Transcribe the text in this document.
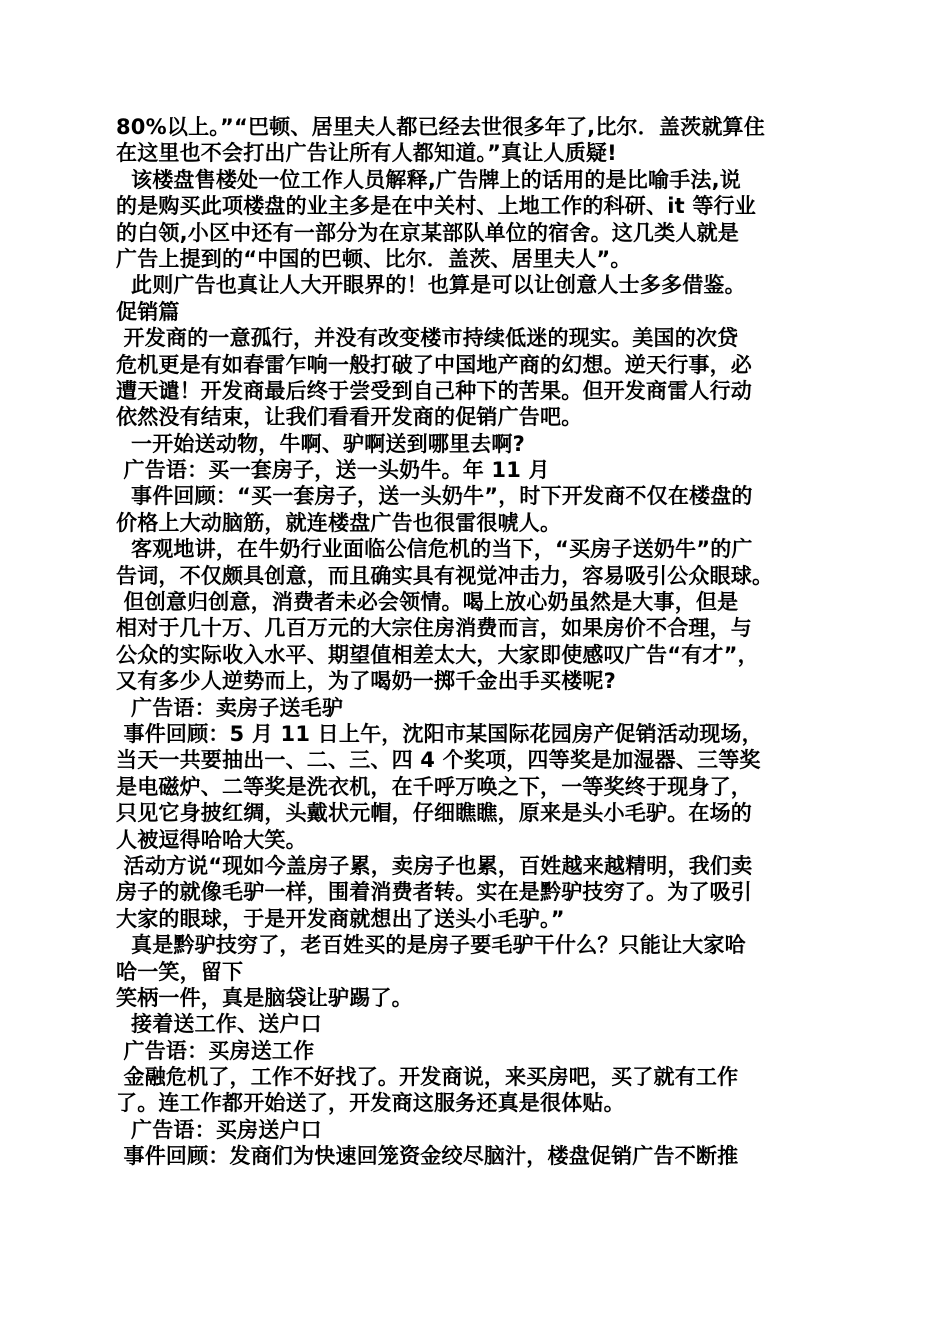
80%以上。”“巴顿、居里夫人都已经去世很多年了,比尔．盖茨就算住
在这里也不会打出广告让所有人都知道。”真让人质疑!
该楼盘售楼处一位工作人员解释,广告牌上的话用的是比喻手法,说
的是购买此项楼盘的业主多是在中关村、上地工作的科研、it 等行业
的白领,小区中还有一部分为在京某部队单位的宿舍。这几类人就是
广告上提到的“中国的巴顿、比尔．盖茨、居里夫人”。
此则广告也真让人大开眼界的！也算是可以让创意人士多多借鉴。
促销篇
开发商的一意孤行，并没有改变楼市持续低迷的现实。美国的次贷
危机更是有如春雷乍响一般打破了中国地产商的幻想。逆天行事，必
遭天谴！开发商最后终于尝受到自己种下的苦果。但开发商雷人行动
依然没有结束，让我们看看开发商的促销广告吧。
一开始送动物，牛啊、驴啊送到哪里去啊?
广告语：买一套房子，送一头奶牛。年 11 月
事件回顾：“买一套房子，送一头奶牛”，时下开发商不仅在楼盘的
价格上大动脑筋，就连楼盘广告也很雷很唬人。
客观地讲，在牛奶行业面临公信危机的当下，“买房子送奶牛”的广
告词，不仅颇具创意，而且确实具有视觉冲击力，容易吸引公众眼球。
但创意归创意，消费者未必会领情。喝上放心奶虽然是大事，但是
相对于几十万、几百万元的大宗住房消费而言，如果房价不合理，与
公众的实际收入水平、期望值相差太大，大家即使感叹广告“有才”，
又有多少人逆势而上，为了喝奶一掷千金出手买楼呢?
广告语：卖房子送毛驴
事件回顾：5 月 11 日上午，沈阳市某国际花园房产促销活动现场，
当天一共要抽出一、二、三、四 4 个奖项，四等奖是加湿器、三等奖
是电磁炉、二等奖是洗衣机，在千呼万唤之下，一等奖终于现身了，
只见它身披红绸，头戴状元帽，仔细瞧瞧，原来是头小毛驴。在场的
人被逗得哈哈大笑。
活动方说“现如今盖房子累，卖房子也累，百姓越来越精明，我们卖
房子的就像毛驴一样，围着消费者转。实在是黔驴技穷了。为了吸引
大家的眼球，于是开发商就想出了送头小毛驴。”
真是黔驴技穷了，老百姓买的是房子要毛驴干什么？只能让大家哈
哈一笑，留下
笑柄一件，真是脑袋让驴踢了。
接着送工作、送户口
广告语：买房送工作
金融危机了，工作不好找了。开发商说，来买房吧，买了就有工作
了。连工作都开始送了，开发商这服务还真是很体贴。
广告语：买房送户口
事件回顾：发商们为快速回笼资金绞尽脑汁，楼盘促销广告不断推
